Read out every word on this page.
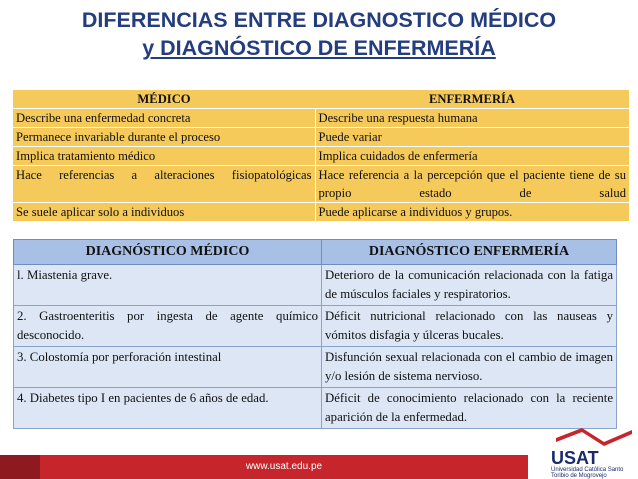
DIFERENCIAS ENTRE DIAGNOSTICO MÉDICO
y DIAGNÓSTICO DE ENFERMERÍA
MÉDICO	ENFERMERÍA
Describe una enfermedad concreta	Describe una respuesta humana
Permanece invariable durante el proceso	Puede variar
Implica tratamiento médico	Implica cuidados de enfermería
Hace referencias a alteraciones fisiopatológicas	Hace referencia a la percepción que el paciente tiene de su propio estado de salud
Se suele aplicar solo a individuos	Puede aplicarse a individuos y grupos.
DIAGNÓSTICO MÉDICO	DIAGNÓSTICO ENFERMERÍA
l. Miastenia grave.	Deterioro de la comunicación relacionada con la fatiga de músculos faciales y respiratorios.
2. Gastroenteritis por ingesta de agente químico desconocido.	Déficit nutricional relacionado con las nauseas y vómitos disfagia y úlceras bucales.
3. Colostomía por perforación intestinal	Disfunción sexual relacionada con el cambio de imagen y/o lesión de sistema nervioso.
4. Diabetes tipo I en pacientes de 6 años de edad.	Déficit de conocimiento relacionado con la reciente aparición de la enfermedad.
www.usat.edu.pe	USAT
Universidad Católica Santo Toribio de Mogrovejo
